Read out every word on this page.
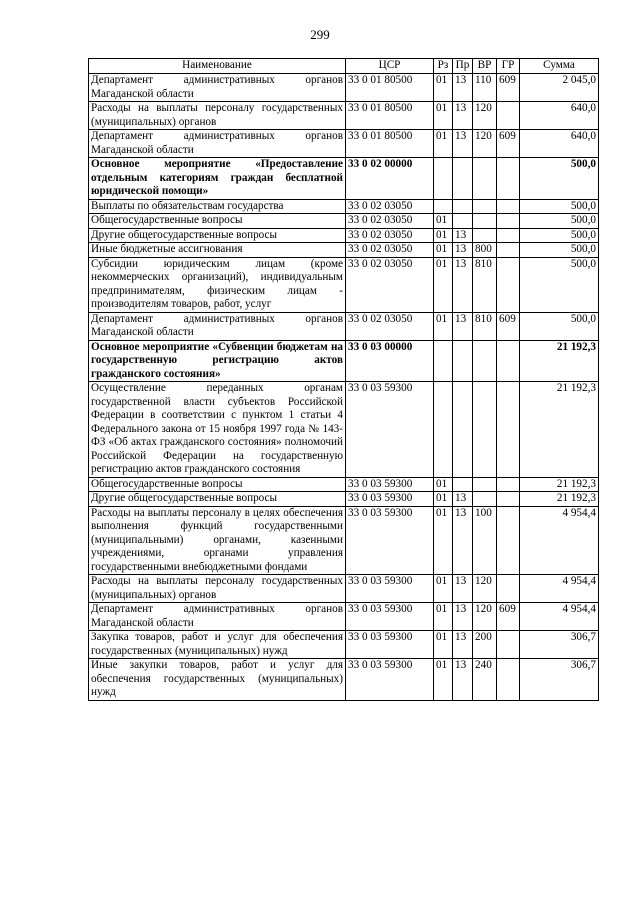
299
Наименование	ЦСР	Рз	Пр	ВР	ГР	Сумма
Департамент административных органов Магаданской области	33 0 01 80500	01	13	110	609	2 045,0
Расходы на выплаты персоналу государственных (муниципальных) органов	33 0 01 80500	01	13	120		640,0
Департамент административных органов Магаданской области	33 0 01 80500	01	13	120	609	640,0
Основное мероприятие «Предоставление отдельным категориям граждан бесплатной юридической помощи»	33 0 02 00000					500,0
Выплаты по обязательствам государства	33 0 02 03050					500,0
Общегосударственные вопросы	33 0 02 03050	01				500,0
Другие общегосударственные вопросы	33 0 02 03050	01	13			500,0
Иные бюджетные ассигнования	33 0 02 03050	01	13	800		500,0
Субсидии юридическим лицам (кроме некоммерческих организаций), индивидуальным предпринимателям, физическим лицам - производителям товаров, работ, услуг	33 0 02 03050	01	13	810		500,0
Департамент административных органов Магаданской области	33 0 02 03050	01	13	810	609	500,0
Основное мероприятие «Субвенции бюджетам на государственную регистрацию актов гражданского состояния»	33 0 03 00000					21 192,3
Осуществление переданных органам государственной власти субъектов Российской Федерации в соответствии с пунктом 1 статьи 4 Федерального закона от 15 ноября 1997 года № 143-ФЗ «Об актах гражданского состояния» полномочий Российской Федерации на государственную регистрацию актов гражданского состояния	33 0 03 59300					21 192,3
Общегосударственные вопросы	33 0 03 59300	01				21 192,3
Другие общегосударственные вопросы	33 0 03 59300	01	13			21 192,3
Расходы на выплаты персоналу в целях обеспечения выполнения функций государственными (муниципальными) органами, казенными учреждениями, органами управления государственными внебюджетными фондами	33 0 03 59300	01	13	100		4 954,4
Расходы на выплаты персоналу государственных (муниципальных) органов	33 0 03 59300	01	13	120		4 954,4
Департамент административных органов Магаданской области	33 0 03 59300	01	13	120	609	4 954,4
Закупка товаров, работ и услуг для обеспечения государственных (муниципальных) нужд	33 0 03 59300	01	13	200		306,7
Иные закупки товаров, работ и услуг для обеспечения государственных (муниципальных) нужд	33 0 03 59300	01	13	240		306,7
